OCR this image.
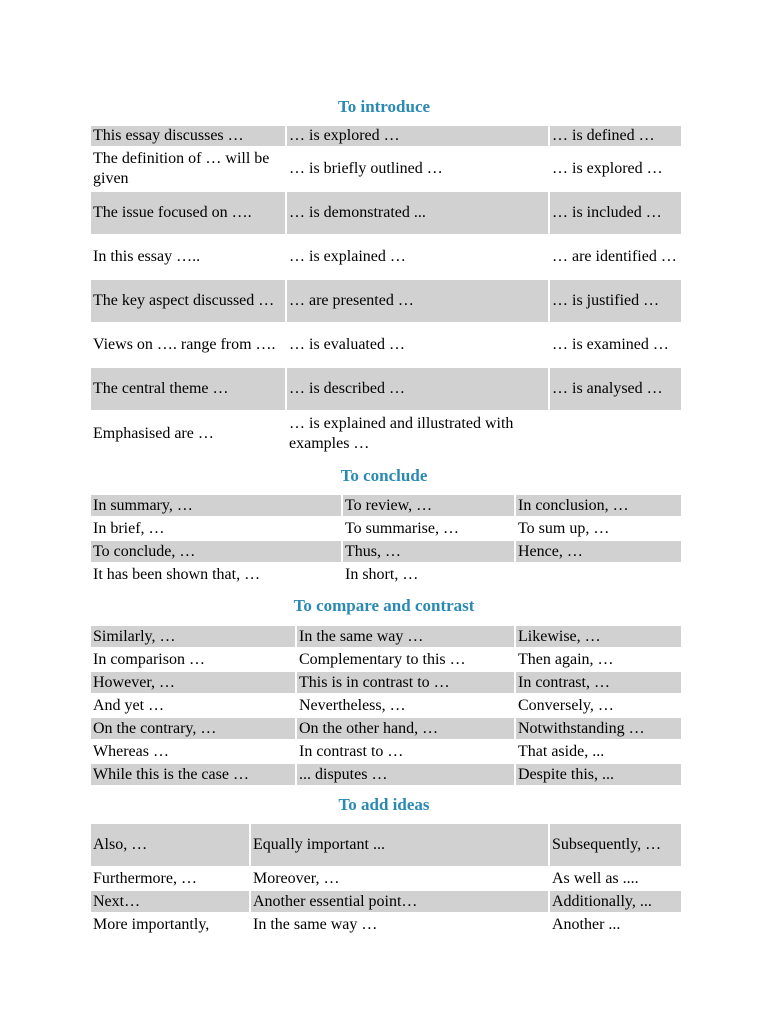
To introduce
This essay discusses …	… is explored …	… is defined …
The definition of … will be given	… is briefly outlined …	… is explored …
The issue focused on ….	… is demonstrated ...	… is included …
In this essay …..	… is explained …	… are identified …
The key aspect discussed …	… are presented …	… is justified …
Views on …. range from ….	… is evaluated …	… is examined …
The central theme …	… is described …	… is analysed …
Emphasised are …	… is explained and illustrated with examples …	
To conclude
In summary, …	To review, …	In conclusion, …
In brief, …	To summarise, …	To sum up, …
To conclude, …	Thus, …	Hence, …
It has been shown that, …	In short, …	
To compare and contrast
Similarly, …	In the same way …	Likewise, …
In comparison …	Complementary to this …	Then again, …
However, …	This is in contrast to …	In contrast, …
And yet …	Nevertheless, …	Conversely, …
On the contrary, …	On the other hand, …	Notwithstanding …
Whereas …	In contrast to …	That aside, ...
While this is the case …	... disputes …	Despite this, ...
To add ideas
Also, …	Equally important ...	Subsequently, …
Furthermore, …	Moreover, …	As well as ....
Next…	Another essential point…	Additionally, ...
More importantly,	In the same way …	Another ...
